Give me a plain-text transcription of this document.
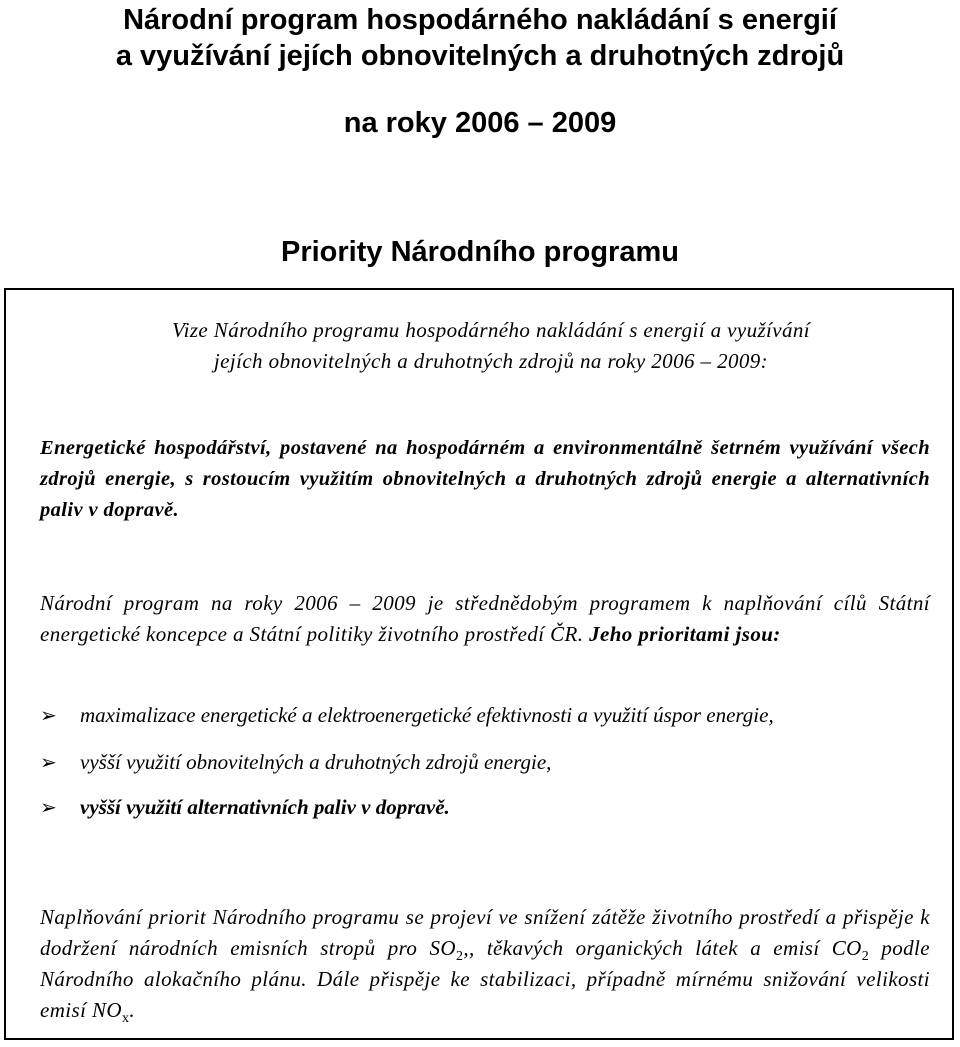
Národní program hospodárného nakládání s energií
a využívání jejích obnovitelných a druhotných zdrojů
na roky 2006 – 2009
Priority Národního programu

Vize Národního programu hospodárného nakládání s energií a využívání
jejích obnovitelných a druhotných zdrojů na roky 2006 – 2009:

Energetické hospodářství, postavené na hospodárném a environmentálně šetrném využívání všech zdrojů energie, s rostoucím využitím obnovitelných a druhotných zdrojů energie a alternativních paliv v dopravě.

Národní program na roky 2006 – 2009 je střednědobým programem k naplňování cílů Státní energetické koncepce a Státní politiky životního prostředí ČR. Jeho prioritami jsou:

➢ maximalizace energetické a elektroenergetické efektivnosti a využití úspor energie,
➢ vyšší využití obnovitelných a druhotných zdrojů energie,
➢ vyšší využití alternativních paliv v dopravě.

Naplňování priorit Národního programu se projeví ve snížení zátěže životního prostředí a přispěje k dodržení národních emisních stropů pro $SO_2$,, těkavých organických látek a emisí $CO_2$ podle Národního alokačního plánu. Dále přispěje ke stabilizaci, případně mírnému snižování velikosti emisí $NO_x$.
